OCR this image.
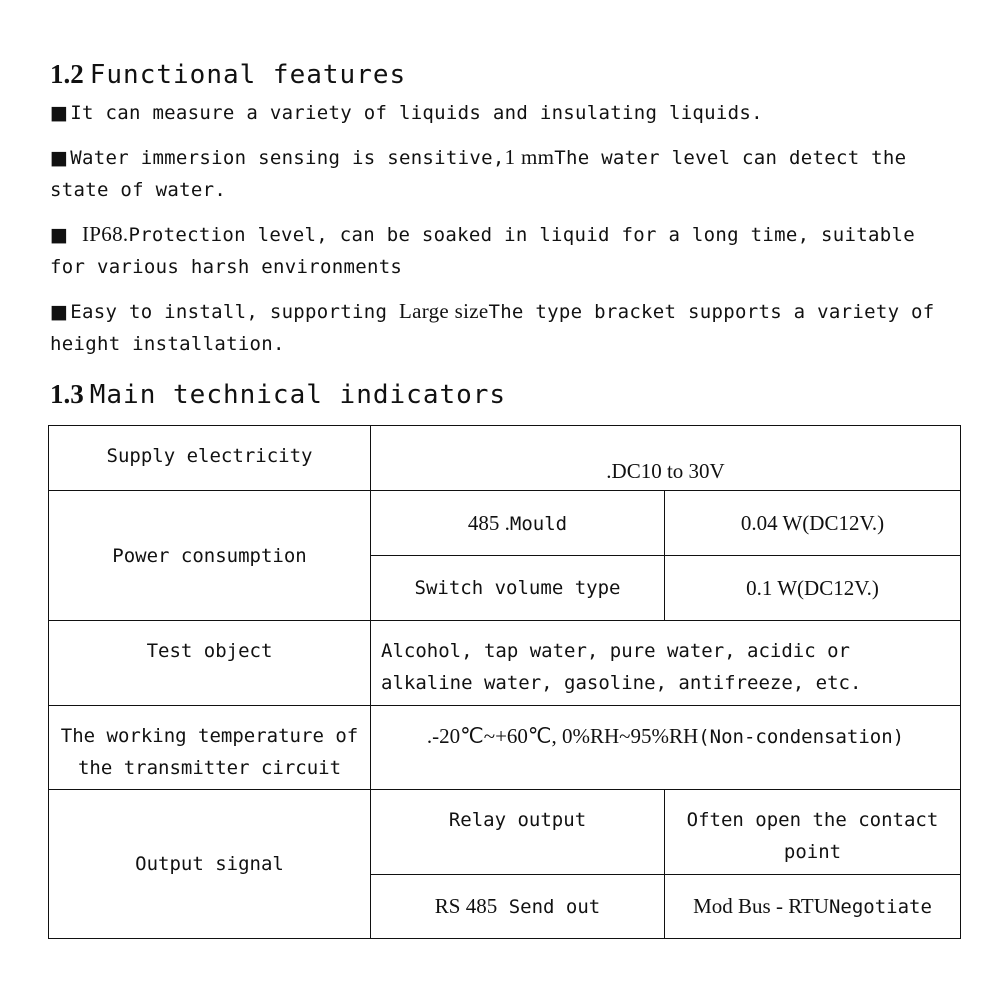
1.2 Functional features

■ It can measure a variety of liquids and insulating liquids.

■ Water immersion sensing is sensitive,1 mmThe water level can detect the state of water.

■ IP68.Protection level, can be soaked in liquid for a long time, suitable for various harsh environments

■ Easy to install, supporting Large sizeThe type bracket supports a variety of height installation.

1.3 Main technical indicators
Supply electricity	.DC10 to 30V	
Power consumption	485 .Mould	0.04 W(DC12V.)
	Switch volume type	0.1 W(DC12V.)
Test object	Alcohol, tap water, pure water, acidic or alkaline water, gasoline, antifreeze, etc.	
The working temperature of the transmitter circuit	.-20℃~+60℃, 0%RH~95%RH(Non-condensation)	
Output signal	Relay output	Often open the contact point
	RS 485 Send out	Mod Bus - RTUNegotiate
